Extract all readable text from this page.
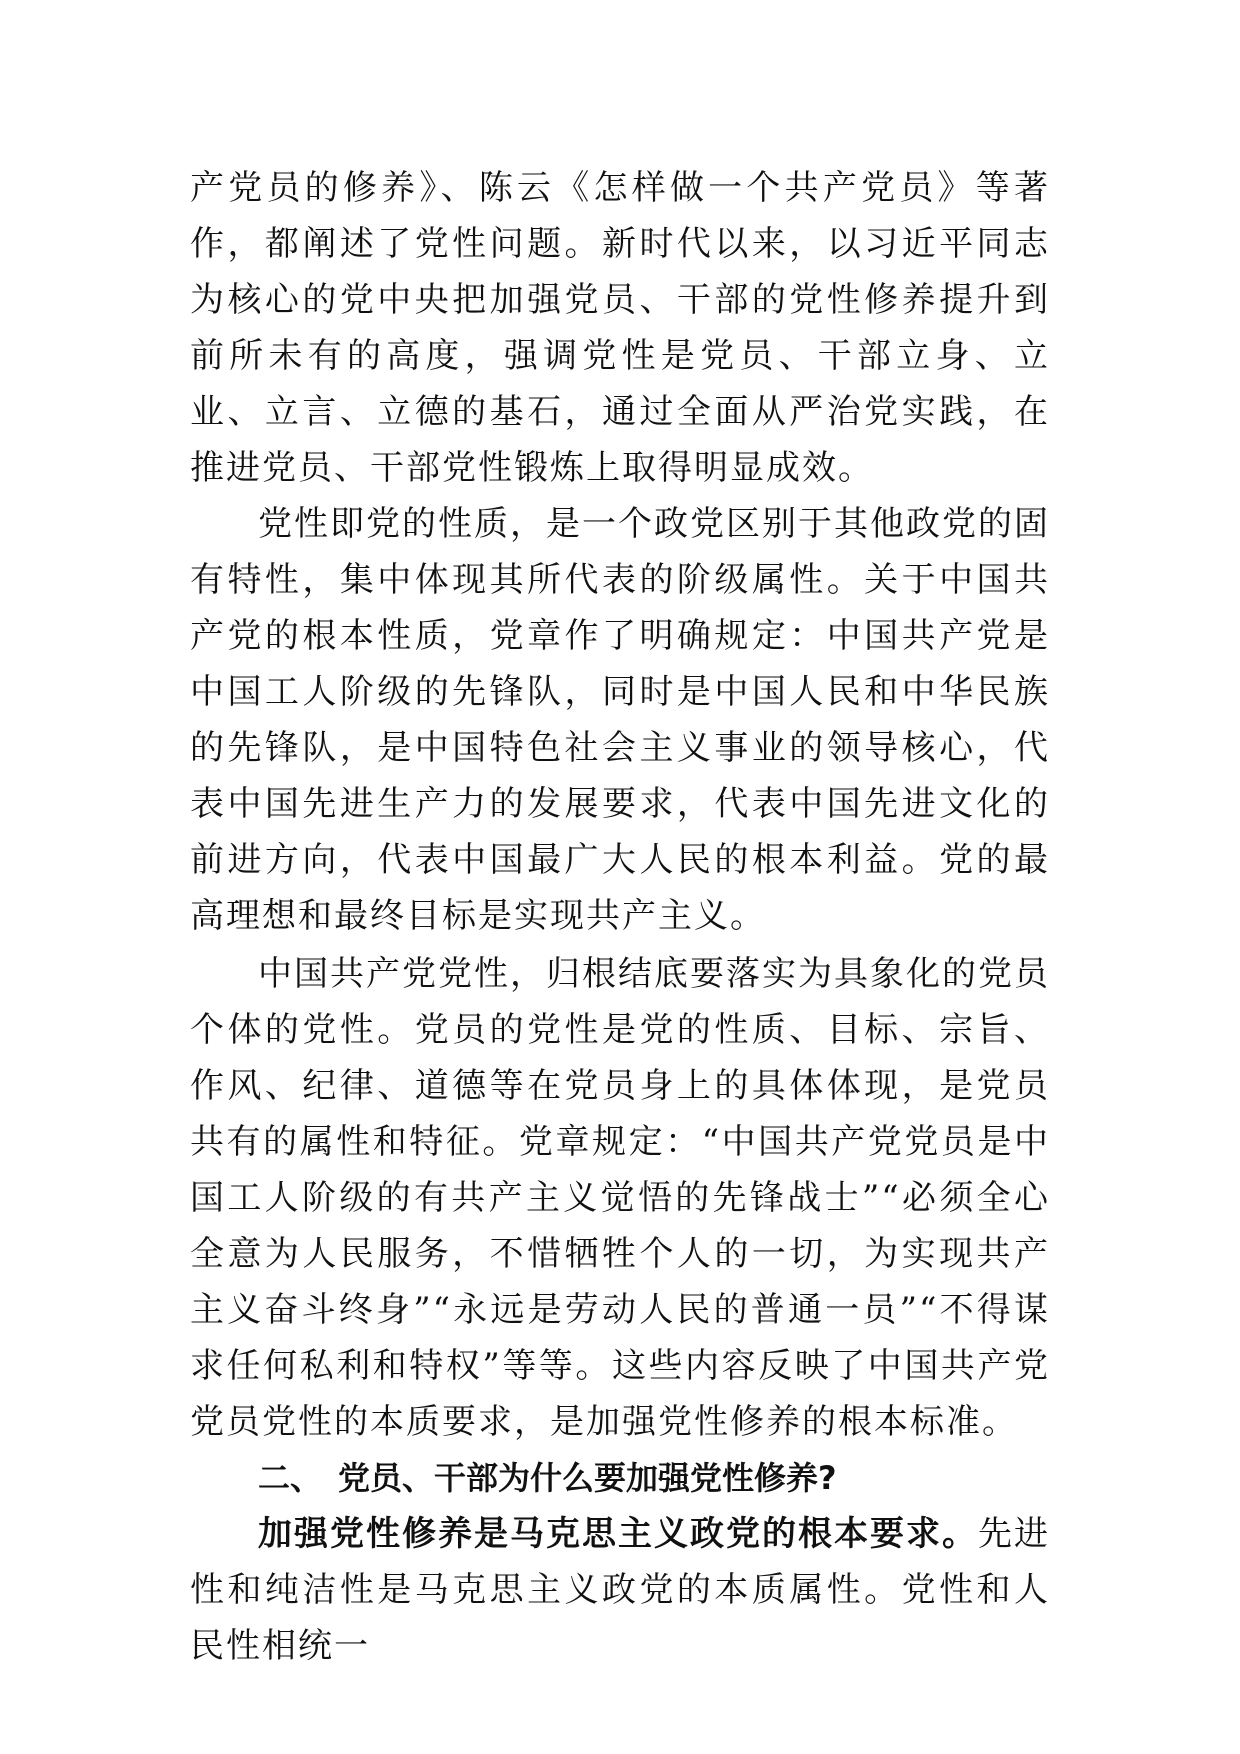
产党员的修养》、陈云《怎样做一个共产党员》等著作，都阐述了党性问题。新时代以来，以习近平同志为核心的党中央把加强党员、干部的党性修养提升到前所未有的高度，强调党性是党员、干部立身、立业、立言、立德的基石，通过全面从严治党实践，在推进党员、干部党性锻炼上取得明显成效。

党性即党的性质，是一个政党区别于其他政党的固有特性，集中体现其所代表的阶级属性。关于中国共产党的根本性质，党章作了明确规定：中国共产党是中国工人阶级的先锋队，同时是中国人民和中华民族的先锋队，是中国特色社会主义事业的领导核心，代表中国先进生产力的发展要求，代表中国先进文化的前进方向，代表中国最广大人民的根本利益。党的最高理想和最终目标是实现共产主义。

中国共产党党性，归根结底要落实为具象化的党员个体的党性。党员的党性是党的性质、目标、宗旨、作风、纪律、道德等在党员身上的具体体现，是党员共有的属性和特征。党章规定：“中国共产党党员是中国工人阶级的有共产主义觉悟的先锋战士”“必须全心全意为人民服务，不惜牺牲个人的一切，为实现共产主义奋斗终身”“永远是劳动人民的普通一员”“不得谋求任何私利和特权”等等。这些内容反映了中国共产党党员党性的本质要求，是加强党性修养的根本标准。

二、 党员、干部为什么要加强党性修养?

加强党性修养是马克思主义政党的根本要求。先进性和纯洁性是马克思主义政党的本质属性。党性和人民性相统一
